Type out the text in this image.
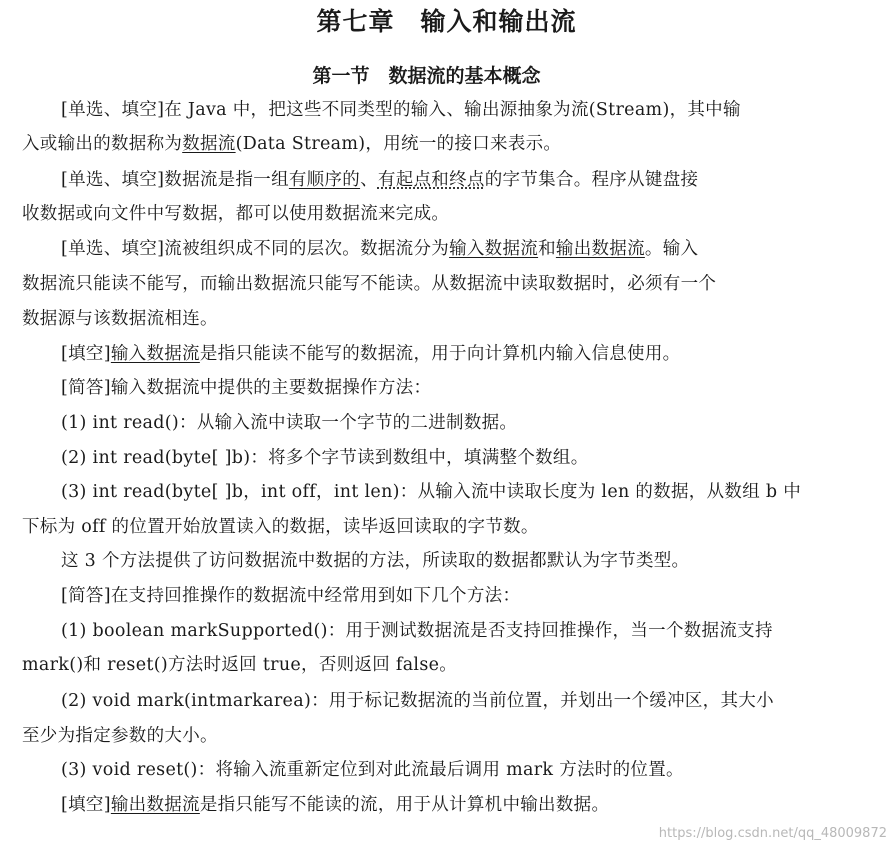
第七章　输入和输出流
第一节　数据流的基本概念
[单选、填空]在 Java 中，把这些不同类型的输入、输出源抽象为流(Stream)，其中输
入或输出的数据称为数据流(Data Stream)，用统一的接口来表示。
[单选、填空]数据流是指一组有顺序的、有起点和终点的字节集合。程序从键盘接
收数据或向文件中写数据，都可以使用数据流来完成。
[单选、填空]流被组织成不同的层次。数据流分为输入数据流和输出数据流。输入
数据流只能读不能写，而输出数据流只能写不能读。从数据流中读取数据时，必须有一个
数据源与该数据流相连。
[填空]输入数据流是指只能读不能写的数据流，用于向计算机内输入信息使用。
[简答]输入数据流中提供的主要数据操作方法：
(1) int read()：从输入流中读取一个字节的二进制数据。
(2) int read(byte[ ]b)：将多个字节读到数组中，填满整个数组。
(3) int read(byte[ ]b，int off，int len)：从输入流中读取长度为 len 的数据，从数组 b 中
下标为 off 的位置开始放置读入的数据，读毕返回读取的字节数。
这 3 个方法提供了访问数据流中数据的方法，所读取的数据都默认为字节类型。
[简答]在支持回推操作的数据流中经常用到如下几个方法：
(1) boolean markSupported()：用于测试数据流是否支持回推操作，当一个数据流支持
mark()和 reset()方法时返回 true，否则返回 false。
(2) void mark(intmarkarea)：用于标记数据流的当前位置，并划出一个缓冲区，其大小
至少为指定参数的大小。
(3) void reset()：将输入流重新定位到对此流最后调用 mark 方法时的位置。
[填空]输出数据流是指只能写不能读的流，用于从计算机中输出数据。
https://blog.csdn.net/qq_48009872
